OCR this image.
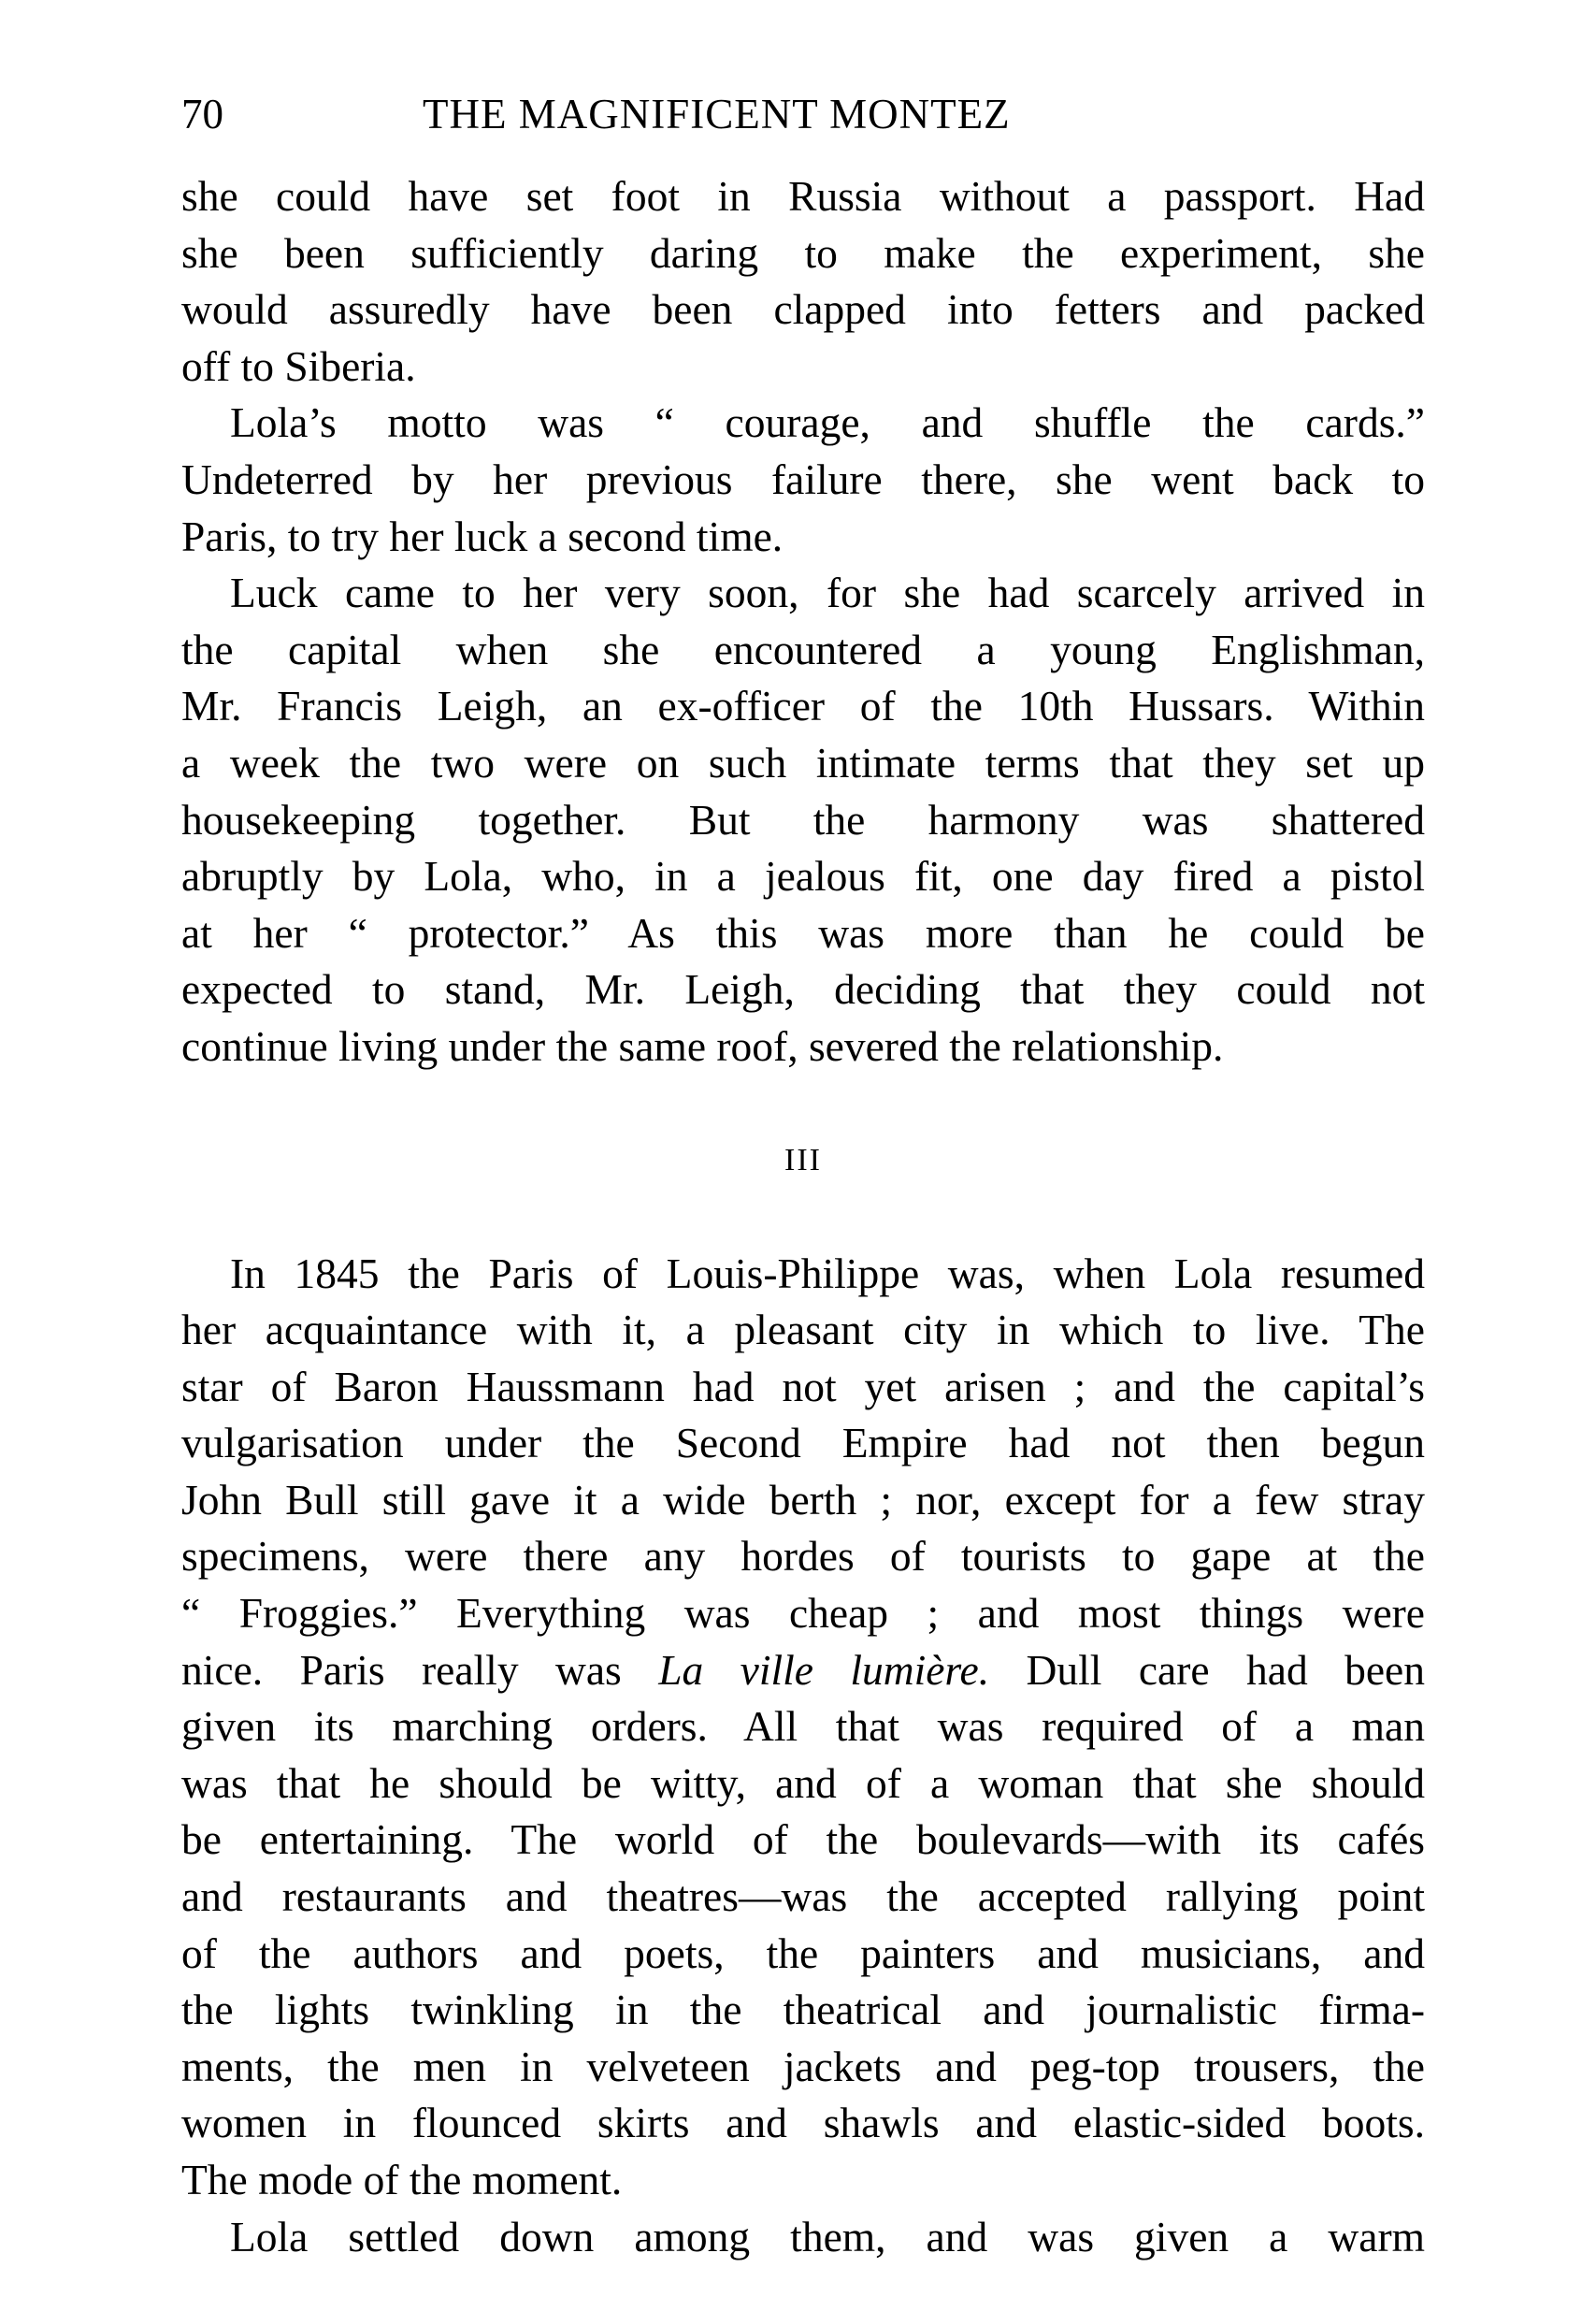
70	THE MAGNIFICENT MONTEZ
she could have set foot in Russia without a passport. Had
she been sufficiently daring to make the experiment, she
would assuredly have been clapped into fetters and packed
off to Siberia.
Lola’s motto was “ courage, and shuffle the cards.”
Undeterred by her previous failure there, she went back to
Paris, to try her luck a second time.
Luck came to her very soon, for she had scarcely arrived in
the capital when she encountered a young Englishman,
Mr. Francis Leigh, an ex-officer of the 10th Hussars. Within
a week the two were on such intimate terms that they set up
housekeeping together. But the harmony was shattered
abruptly by Lola, who, in a jealous fit, one day fired a pistol
at her “ protector.” As this was more than he could be
expected to stand, Mr. Leigh, deciding that they could not
continue living under the same roof, severed the relationship.
III
In 1845 the Paris of Louis-Philippe was, when Lola resumed
her acquaintance with it, a pleasant city in which to live. The
star of Baron Haussmann had not yet arisen ; and the capital’s
vulgarisation under the Second Empire had not then begun
John Bull still gave it a wide berth ; nor, except for a few stray
specimens, were there any hordes of tourists to gape at the
“ Froggies.” Everything was cheap ; and most things were
nice. Paris really was La ville lumière. Dull care had been
given its marching orders. All that was required of a man
was that he should be witty, and of a woman that she should
be entertaining. The world of the boulevards—with its cafés
and restaurants and theatres—was the accepted rallying point
of the authors and poets, the painters and musicians, and
the lights twinkling in the theatrical and journalistic firma-
ments, the men in velveteen jackets and peg-top trousers, the
women in flounced skirts and shawls and elastic-sided boots.
The mode of the moment.
Lola settled down among them, and was given a warm
